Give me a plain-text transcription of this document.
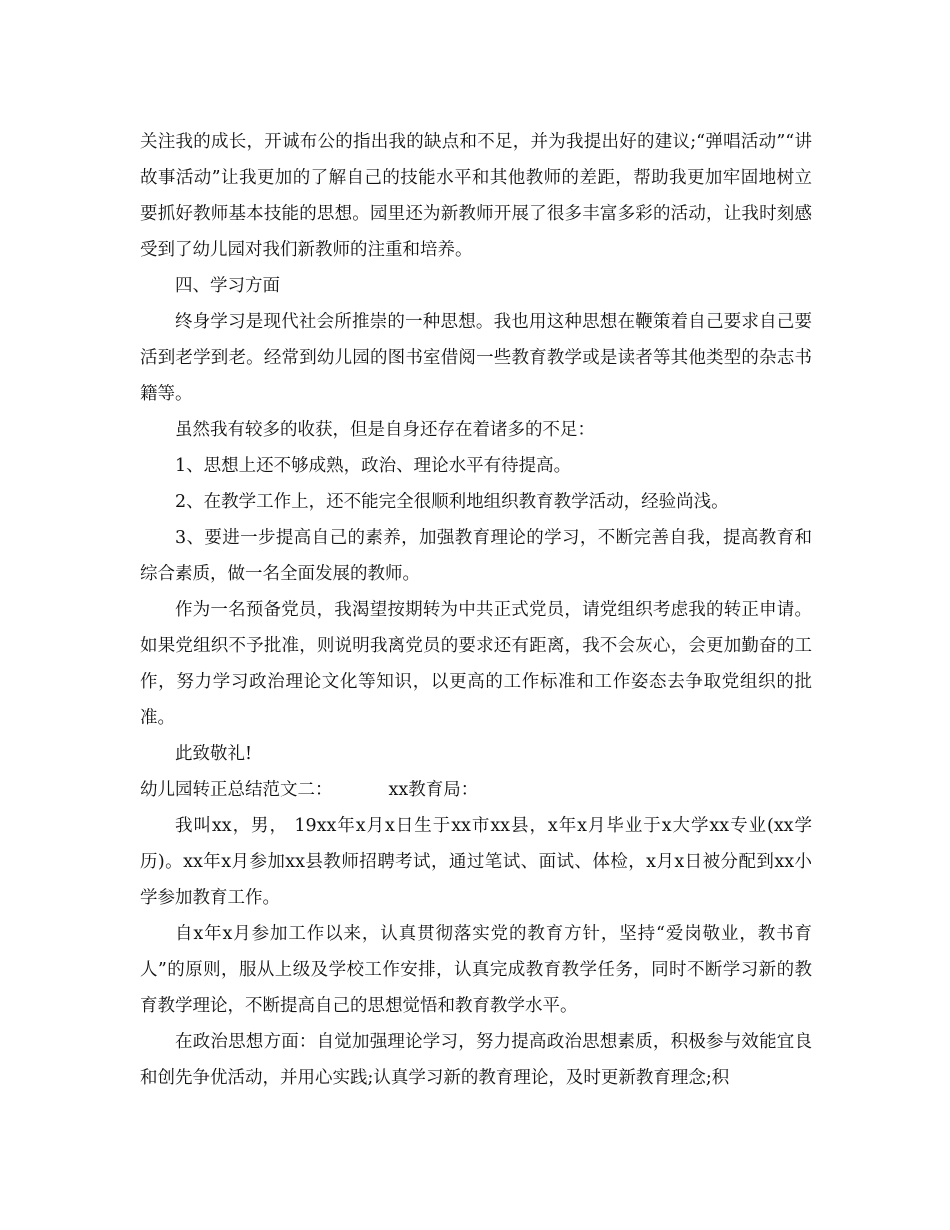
关注我的成长，开诚布公的指出我的缺点和不足，并为我提出好的建议;“弹唱活动”“讲故事活动”让我更加的了解自己的技能水平和其他教师的差距，帮助我更加牢固地树立要抓好教师基本技能的思想。园里还为新教师开展了很多丰富多彩的活动，让我时刻感受到了幼儿园对我们新教师的注重和培养。

四、学习方面

终身学习是现代社会所推崇的一种思想。我也用这种思想在鞭策着自己要求自己要活到老学到老。经常到幼儿园的图书室借阅一些教育教学或是读者等其他类型的杂志书籍等。

虽然我有较多的收获，但是自身还存在着诸多的不足：

1、思想上还不够成熟，政治、理论水平有待提高。

2、在教学工作上，还不能完全很顺利地组织教育教学活动，经验尚浅。

3、要进一步提高自己的素养，加强教育理论的学习，不断完善自我，提高教育和综合素质，做一名全面发展的教师。

作为一名预备党员，我渴望按期转为中共正式党员，请党组织考虑我的转正申请。如果党组织不予批准，则说明我离党员的要求还有距离，我不会灰心，会更加勤奋的工作，努力学习政治理论文化等知识，以更高的工作标准和工作姿态去争取党组织的批准。

此致敬礼!

幼儿园转正总结范文二：	xx教育局：

我叫xx，男， 19xx年x月x日生于xx市xx县，x年x月毕业于x大学xx专业(xx学历)。xx年x月参加xx县教师招聘考试，通过笔试、面试、体检，x月x日被分配到xx小学参加教育工作。

自x年x月参加工作以来，认真贯彻落实党的教育方针，坚持“爱岗敬业，教书育人”的原则，服从上级及学校工作安排，认真完成教育教学任务，同时不断学习新的教育教学理论，不断提高自己的思想觉悟和教育教学水平。

在政治思想方面：自觉加强理论学习，努力提高政治思想素质，积极参与效能宜良和创先争优活动，并用心实践;认真学习新的教育理论，及时更新教育理念;积
